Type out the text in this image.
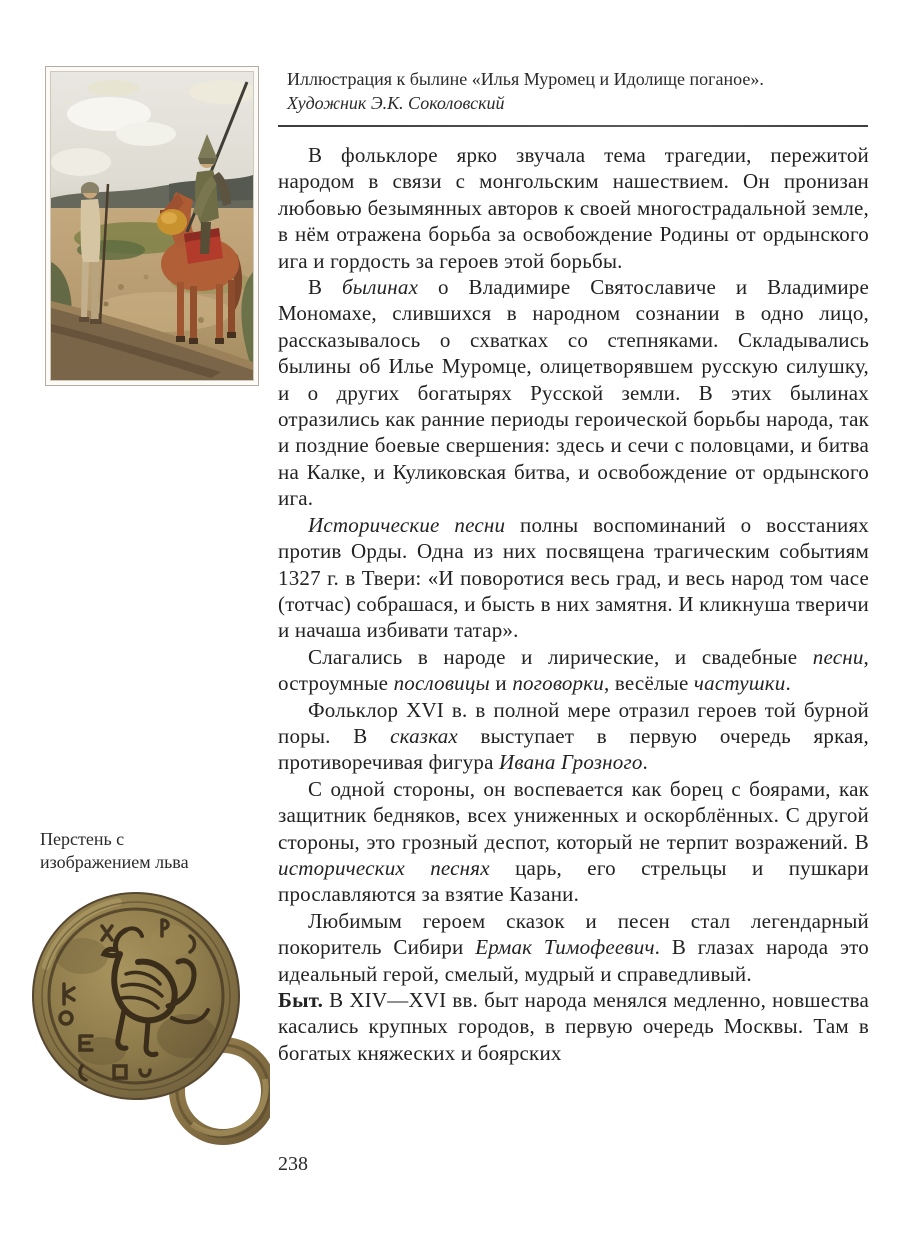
Иллюстрация к былине «Илья Муромец и Идолище поганое».
Художник Э.К. Соколовский

В фольклоре ярко звучала тема трагедии, пережитой народом в связи с монгольским нашествием. Он пронизан любовью безымянных авторов к своей многострадальной земле, в нём отражена борьба за освобождение Родины от ордынского ига и гордость за героев этой борьбы.

В былинах о Владимире Святославиче и Владимире Мономахе, слившихся в народном сознании в одно лицо, рассказывалось о схватках со степняками. Складывались былины об Илье Муромце, олицетворявшем русскую силушку, и о других богатырях Русской земли. В этих былинах отразились как ранние периоды героической борьбы народа, так и поздние боевые свершения: здесь и сечи с половцами, и битва на Калке, и Куликовская битва, и освобождение от ордынского ига.

Исторические песни полны воспоминаний о восстаниях против Орды. Одна из них посвящена трагическим событиям 1327 г. в Твери: «И поворотися весь град, и весь народ том часе (тотчас) собрашася, и бысть в них замятня. И кликнуша тверичи и начаша избивати татар».

Слагались в народе и лирические, и свадебные песни, остроумные пословицы и поговорки, весёлые частушки.

Фольклор XVI в. в полной мере отразил героев той бурной поры. В сказках выступает в первую очередь яркая, противоречивая фигура Ивана Грозного.

С одной стороны, он воспевается как борец с боярами, как защитник бедняков, всех униженных и оскорблённых. С другой стороны, это грозный деспот, который не терпит возражений. В исторических песнях царь, его стрельцы и пушкари прославляются за взятие Казани.

Любимым героем сказок и песен стал легендарный покоритель Сибири Ермак Тимофеевич. В глазах народа это идеальный герой, смелый, мудрый и справедливый.

Быт. В XIV—XVI вв. быт народа менялся медленно, новшества касались крупных городов, в первую очередь Москвы. Там в богатых княжеских и боярских

Перстень с
изображением льва
238
